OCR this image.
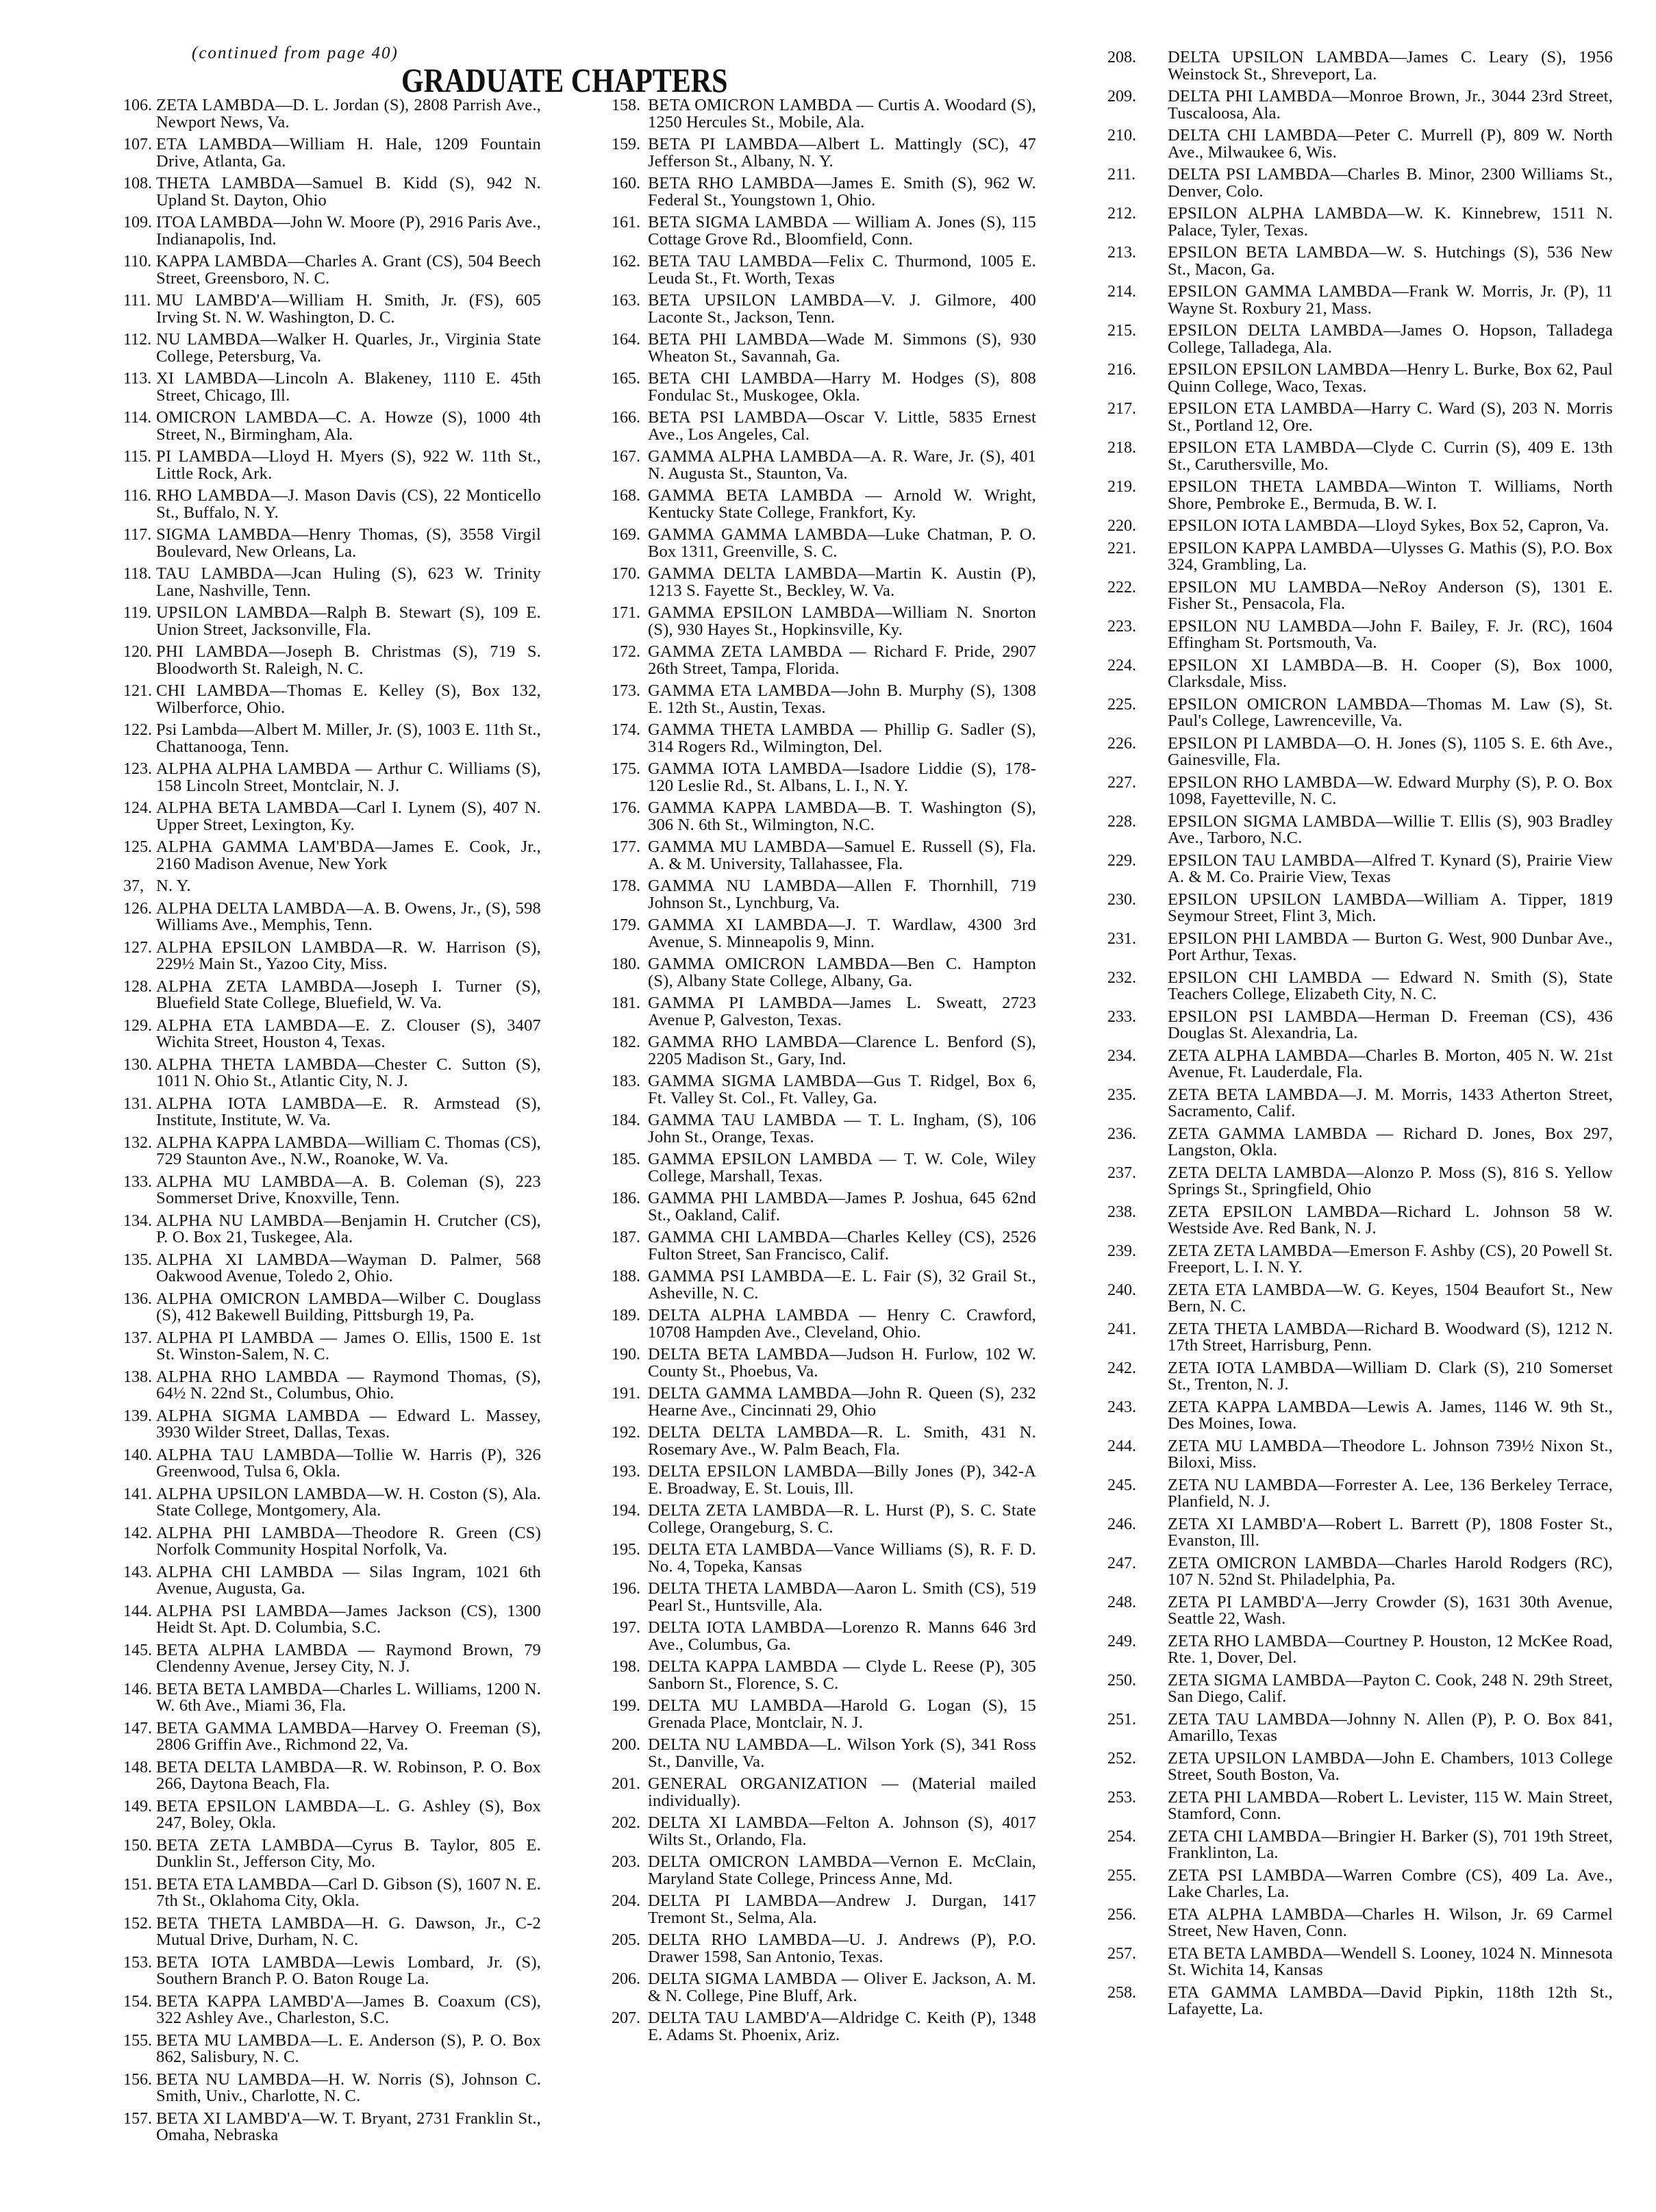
(continued from page 40)
GRADUATE CHAPTERS
106. ZETA LAMBDA—D. L. Jordan (S), 2808 Parrish Ave., Newport News, Va.
107. ETA LAMBDA—William H. Hale, 1209 Fountain Drive, Atlanta, Ga.
108. THETA LAMBDA—Samuel B. Kidd (S), 942 N. Upland St. Dayton, Ohio
109. ITOA LAMBDA—John W. Moore (P), 2916 Paris Ave., Indianapolis, Ind.
110. KAPPA LAMBDA—Charles A. Grant (CS), 504 Beech Street, Greensboro, N. C.
111. MU LAMBD'A—William H. Smith, Jr. (FS), 605 Irving St. N. W. Washington, D. C.
112. NU LAMBDA—Walker H. Quarles, Jr., Virginia State College, Petersburg, Va.
113. XI LAMBDA—Lincoln A. Blakeney, 1110 E. 45th Street, Chicago, Ill.
114. OMICRON LAMBDA—C. A. Howze (S), 1000 4th Street, N., Birmingham, Ala.
115. PI LAMBDA—Lloyd H. Myers (S), 922 W. 11th St., Little Rock, Ark.
116. RHO LAMBDA—J. Mason Davis (CS), 22 Monticello St., Buffalo, N. Y.
117. SIGMA LAMBDA—Henry Thomas, (S), 3558 Virgil Boulevard, New Orleans, La.
118. TAU LAMBDA—Jcan Huling (S), 623 W. Trinity Lane, Nashville, Tenn.
119. UPSILON LAMBDA—Ralph B. Stewart (S), 109 E. Union Street, Jacksonville, Fla.
120. PHI LAMBDA—Joseph B. Christmas (S), 719 S. Bloodworth St. Raleigh, N. C.
121. CHI LAMBDA—Thomas E. Kelley (S), Box 132, Wilberforce, Ohio.
122. Psi Lambda—Albert M. Miller, Jr. (S), 1003 E. 11th St., Chattanooga, Tenn.
123. ALPHA ALPHA LAMBDA — Arthur C. Williams (S), 158 Lincoln Street, Montclair, N. J.
124. ALPHA BETA LAMBDA—Carl I. Lynem (S), 407 N. Upper Street, Lexington, Ky.
125. ALPHA GAMMA LAM'BDA—James E. Cook, Jr., 2160 Madison Avenue, New York
37, N. Y.
126. ALPHA DELTA LAMBDA—A. B. Owens, Jr., (S), 598 Williams Ave., Memphis, Tenn.
127. ALPHA EPSILON LAMBDA—R. W. Harrison (S), 229½ Main St., Yazoo City, Miss.
128. ALPHA ZETA LAMBDA—Joseph I. Turner (S), Bluefield State College, Bluefield, W. Va.
129. ALPHA ETA LAMBDA—E. Z. Clouser (S), 3407 Wichita Street, Houston 4, Texas.
130. ALPHA THETA LAMBDA—Chester C. Sutton (S), 1011 N. Ohio St., Atlantic City, N. J.
131. ALPHA IOTA LAMBDA—E. R. Armstead (S), Institute, Institute, W. Va.
132. ALPHA KAPPA LAMBDA—William C. Thomas (CS), 729 Staunton Ave., N.W., Roanoke, W. Va.
133. ALPHA MU LAMBDA—A. B. Coleman (S), 223 Sommerset Drive, Knoxville, Tenn.
134. ALPHA NU LAMBDA—Benjamin H. Crutcher (CS), P. O. Box 21, Tuskegee, Ala.
135. ALPHA XI LAMBDA—Wayman D. Palmer, 568 Oakwood Avenue, Toledo 2, Ohio.
136. ALPHA OMICRON LAMBDA—Wilber C. Douglass (S), 412 Bakewell Building, Pittsburgh 19, Pa.
137. ALPHA PI LAMBDA — James O. Ellis, 1500 E. 1st St. Winston-Salem, N. C.
138. ALPHA RHO LAMBDA — Raymond Thomas, (S), 64½ N. 22nd St., Columbus, Ohio.
139. ALPHA SIGMA LAMBDA — Edward L. Massey, 3930 Wilder Street, Dallas, Texas.
140. ALPHA TAU LAMBDA—Tollie W. Harris (P), 326 Greenwood, Tulsa 6, Okla.
141. ALPHA UPSILON LAMBDA—W. H. Coston (S), Ala. State College, Montgomery, Ala.
142. ALPHA PHI LAMBDA—Theodore R. Green (CS) Norfolk Community Hospital Norfolk, Va.
143. ALPHA CHI LAMBDA — Silas Ingram, 1021 6th Avenue, Augusta, Ga.
144. ALPHA PSI LAMBDA—James Jackson (CS), 1300 Heidt St. Apt. D. Columbia, S.C.
145. BETA ALPHA LAMBDA — Raymond Brown, 79 Clendenny Avenue, Jersey City, N. J.
146. BETA BETA LAMBDA—Charles L. Williams, 1200 N. W. 6th Ave., Miami 36, Fla.
147. BETA GAMMA LAMBDA—Harvey O. Freeman (S), 2806 Griffin Ave., Richmond 22, Va.
148. BETA DELTA LAMBDA—R. W. Robinson, P. O. Box 266, Daytona Beach, Fla.
149. BETA EPSILON LAMBDA—L. G. Ashley (S), Box 247, Boley, Okla.
150. BETA ZETA LAMBDA—Cyrus B. Taylor, 805 E. Dunklin St., Jefferson City, Mo.
151. BETA ETA LAMBDA—Carl D. Gibson (S), 1607 N. E. 7th St., Oklahoma City, Okla.
152. BETA THETA LAMBDA—H. G. Dawson, Jr., C-2 Mutual Drive, Durham, N. C.
153. BETA IOTA LAMBDA—Lewis Lombard, Jr. (S), Southern Branch P. O. Baton Rouge La.
154. BETA KAPPA LAMBD'A—James B. Coaxum (CS), 322 Ashley Ave., Charleston, S.C.
155. BETA MU LAMBDA—L. E. Anderson (S), P. O. Box 862, Salisbury, N. C.
156. BETA NU LAMBDA—H. W. Norris (S), Johnson C. Smith, Univ., Charlotte, N. C.
157. BETA XI LAMBD'A—W. T. Bryant, 2731 Franklin St., Omaha, Nebraska
158. BETA OMICRON LAMBDA — Curtis A. Woodard (S), 1250 Hercules St., Mobile, Ala.
159. BETA PI LAMBDA—Albert L. Mattingly (SC), 47 Jefferson St., Albany, N. Y.
160. BETA RHO LAMBDA—James E. Smith (S), 962 W. Federal St., Youngstown 1, Ohio.
161. BETA SIGMA LAMBDA — William A. Jones (S), 115 Cottage Grove Rd., Bloomfield, Conn.
162. BETA TAU LAMBDA—Felix C. Thurmond, 1005 E. Leuda St., Ft. Worth, Texas
163. BETA UPSILON LAMBDA—V. J. Gilmore, 400 Laconte St., Jackson, Tenn.
164. BETA PHI LAMBDA—Wade M. Simmons (S), 930 Wheaton St., Savannah, Ga.
165. BETA CHI LAMBDA—Harry M. Hodges (S), 808 Fondulac St., Muskogee, Okla.
166. BETA PSI LAMBDA—Oscar V. Little, 5835 Ernest Ave., Los Angeles, Cal.
167. GAMMA ALPHA LAMBDA—A. R. Ware, Jr. (S), 401 N. Augusta St., Staunton, Va.
168. GAMMA BETA LAMBDA — Arnold W. Wright, Kentucky State College, Frankfort, Ky.
169. GAMMA GAMMA LAMBDA—Luke Chatman, P. O. Box 1311, Greenville, S. C.
170. GAMMA DELTA LAMBDA—Martin K. Austin (P), 1213 S. Fayette St., Beckley, W. Va.
171. GAMMA EPSILON LAMBDA—William N. Snorton (S), 930 Hayes St., Hopkinsville, Ky.
172. GAMMA ZETA LAMBDA — Richard F. Pride, 2907 26th Street, Tampa, Florida.
173. GAMMA ETA LAMBDA—John B. Murphy (S), 1308 E. 12th St., Austin, Texas.
174. GAMMA THETA LAMBDA — Phillip G. Sadler (S), 314 Rogers Rd., Wilmington, Del.
175. GAMMA IOTA LAMBDA—Isadore Liddie (S), 178-120 Leslie Rd., St. Albans, L. I., N. Y.
176. GAMMA KAPPA LAMBDA—B. T. Washington (S), 306 N. 6th St., Wilmington, N.C.
177. GAMMA MU LAMBDA—Samuel E. Russell (S), Fla. A. & M. University, Tallahassee, Fla.
178. GAMMA NU LAMBDA—Allen F. Thornhill, 719 Johnson St., Lynchburg, Va.
179. GAMMA XI LAMBDA—J. T. Wardlaw, 4300 3rd Avenue, S. Minneapolis 9, Minn.
180. GAMMA OMICRON LAMBDA—Ben C. Hampton (S), Albany State College, Albany, Ga.
181. GAMMA PI LAMBDA—James L. Sweatt, 2723 Avenue P, Galveston, Texas.
182. GAMMA RHO LAMBDA—Clarence L. Benford (S), 2205 Madison St., Gary, Ind.
183. GAMMA SIGMA LAMBDA—Gus T. Ridgel, Box 6, Ft. Valley St. Col., Ft. Valley, Ga.
184. GAMMA TAU LAMBDA — T. L. Ingham, (S), 106 John St., Orange, Texas.
185. GAMMA EPSILON LAMBDA — T. W. Cole, Wiley College, Marshall, Texas.
186. GAMMA PHI LAMBDA—James P. Joshua, 645 62nd St., Oakland, Calif.
187. GAMMA CHI LAMBDA—Charles Kelley (CS), 2526 Fulton Street, San Francisco, Calif.
188. GAMMA PSI LAMBDA—E. L. Fair (S), 32 Grail St., Asheville, N. C.
189. DELTA ALPHA LAMBDA — Henry C. Crawford, 10708 Hampden Ave., Cleveland, Ohio.
190. DELTA BETA LAMBDA—Judson H. Furlow, 102 W. County St., Phoebus, Va.
191. DELTA GAMMA LAMBDA—John R. Queen (S), 232 Hearne Ave., Cincinnati 29, Ohio
192. DELTA DELTA LAMBDA—R. L. Smith, 431 N. Rosemary Ave., W. Palm Beach, Fla.
193. DELTA EPSILON LAMBDA—Billy Jones (P), 342-A E. Broadway, E. St. Louis, Ill.
194. DELTA ZETA LAMBDA—R. L. Hurst (P), S. C. State College, Orangeburg, S. C.
195. DELTA ETA LAMBDA—Vance Williams (S), R. F. D. No. 4, Topeka, Kansas
196. DELTA THETA LAMBDA—Aaron L. Smith (CS), 519 Pearl St., Huntsville, Ala.
197. DELTA IOTA LAMBDA—Lorenzo R. Manns 646 3rd Ave., Columbus, Ga.
198. DELTA KAPPA LAMBDA — Clyde L. Reese (P), 305 Sanborn St., Florence, S. C.
199. DELTA MU LAMBDA—Harold G. Logan (S), 15 Grenada Place, Montclair, N. J.
200. DELTA NU LAMBDA—L. Wilson York (S), 341 Ross St., Danville, Va.
201. GENERAL ORGANIZATION — (Material mailed individually).
202. DELTA XI LAMBDA—Felton A. Johnson (S), 4017 Wilts St., Orlando, Fla.
203. DELTA OMICRON LAMBDA—Vernon E. McClain, Maryland State College, Princess Anne, Md.
204. DELTA PI LAMBDA—Andrew J. Durgan, 1417 Tremont St., Selma, Ala.
205. DELTA RHO LAMBDA—U. J. Andrews (P), P.O. Drawer 1598, San Antonio, Texas.
206. DELTA SIGMA LAMBDA — Oliver E. Jackson, A. M. & N. College, Pine Bluff, Ark.
207. DELTA TAU LAMBD'A—Aldridge C. Keith (P), 1348 E. Adams St. Phoenix, Ariz.
208. DELTA UPSILON LAMBDA—James C. Leary (S), 1956 Weinstock St., Shreveport, La.
209. DELTA PHI LAMBDA—Monroe Brown, Jr., 3044 23rd Street, Tuscaloosa, Ala.
210. DELTA CHI LAMBDA—Peter C. Murrell (P), 809 W. North Ave., Milwaukee 6, Wis.
211. DELTA PSI LAMBDA—Charles B. Minor, 2300 Williams St., Denver, Colo.
212. EPSILON ALPHA LAMBDA—W. K. Kinnebrew, 1511 N. Palace, Tyler, Texas.
213. EPSILON BETA LAMBDA—W. S. Hutchings (S), 536 New St., Macon, Ga.
214. EPSILON GAMMA LAMBDA—Frank W. Morris, Jr. (P), 11 Wayne St. Roxbury 21, Mass.
215. EPSILON DELTA LAMBDA—James O. Hopson, Talladega College, Talladega, Ala.
216. EPSILON EPSILON LAMBDA—Henry L. Burke, Box 62, Paul Quinn College, Waco, Texas.
217. EPSILON ETA LAMBDA—Harry C. Ward (S), 203 N. Morris St., Portland 12, Ore.
218. EPSILON ETA LAMBDA—Clyde C. Currin (S), 409 E. 13th St., Caruthersville, Mo.
219. EPSILON THETA LAMBDA—Winton T. Williams, North Shore, Pembroke E., Bermuda, B. W. I.
220. EPSILON IOTA LAMBDA—Lloyd Sykes, Box 52, Capron, Va.
221. EPSILON KAPPA LAMBDA—Ulysses G. Mathis (S), P.O. Box 324, Grambling, La.
222. EPSILON MU LAMBDA—NeRoy Anderson (S), 1301 E. Fisher St., Pensacola, Fla.
223. EPSILON NU LAMBDA—John F. Bailey, F. Jr. (RC), 1604 Effingham St. Portsmouth, Va.
224. EPSILON XI LAMBDA—B. H. Cooper (S), Box 1000, Clarksdale, Miss.
225. EPSILON OMICRON LAMBDA—Thomas M. Law (S), St. Paul's College, Lawrenceville, Va.
226. EPSILON PI LAMBDA—O. H. Jones (S), 1105 S. E. 6th Ave., Gainesville, Fla.
227. EPSILON RHO LAMBDA—W. Edward Murphy (S), P. O. Box 1098, Fayetteville, N. C.
228. EPSILON SIGMA LAMBDA—Willie T. Ellis (S), 903 Bradley Ave., Tarboro, N.C.
229. EPSILON TAU LAMBDA—Alfred T. Kynard (S), Prairie View A. & M. Co. Prairie View, Texas
230. EPSILON UPSILON LAMBDA—William A. Tipper, 1819 Seymour Street, Flint 3, Mich.
231. EPSILON PHI LAMBDA — Burton G. West, 900 Dunbar Ave., Port Arthur, Texas.
232. EPSILON CHI LAMBDA — Edward N. Smith (S), State Teachers College, Elizabeth City, N. C.
233. EPSILON PSI LAMBDA—Herman D. Freeman (CS), 436 Douglas St. Alexandria, La.
234. ZETA ALPHA LAMBDA—Charles B. Morton, 405 N. W. 21st Avenue, Ft. Lauderdale, Fla.
235. ZETA BETA LAMBDA—J. M. Morris, 1433 Atherton Street, Sacramento, Calif.
236. ZETA GAMMA LAMBDA — Richard D. Jones, Box 297, Langston, Okla.
237. ZETA DELTA LAMBDA—Alonzo P. Moss (S), 816 S. Yellow Springs St., Springfield, Ohio
238. ZETA EPSILON LAMBDA—Richard L. Johnson 58 W. Westside Ave. Red Bank, N. J.
239. ZETA ZETA LAMBDA—Emerson F. Ashby (CS), 20 Powell St. Freeport, L. I. N. Y.
240. ZETA ETA LAMBDA—W. G. Keyes, 1504 Beaufort St., New Bern, N. C.
241. ZETA THETA LAMBDA—Richard B. Woodward (S), 1212 N. 17th Street, Harrisburg, Penn.
242. ZETA IOTA LAMBDA—William D. Clark (S), 210 Somerset St., Trenton, N. J.
243. ZETA KAPPA LAMBDA—Lewis A. James, 1146 W. 9th St., Des Moines, Iowa.
244. ZETA MU LAMBDA—Theodore L. Johnson 739½ Nixon St., Biloxi, Miss.
245. ZETA NU LAMBDA—Forrester A. Lee, 136 Berkeley Terrace, Planfield, N. J.
246. ZETA XI LAMBD'A—Robert L. Barrett (P), 1808 Foster St., Evanston, Ill.
247. ZETA OMICRON LAMBDA—Charles Harold Rodgers (RC), 107 N. 52nd St. Philadelphia, Pa.
248. ZETA PI LAMBD'A—Jerry Crowder (S), 1631 30th Avenue, Seattle 22, Wash.
249. ZETA RHO LAMBDA—Courtney P. Houston, 12 McKee Road, Rte. 1, Dover, Del.
250. ZETA SIGMA LAMBDA—Payton C. Cook, 248 N. 29th Street, San Diego, Calif.
251. ZETA TAU LAMBDA—Johnny N. Allen (P), P. O. Box 841, Amarillo, Texas
252. ZETA UPSILON LAMBDA—John E. Chambers, 1013 College Street, South Boston, Va.
253. ZETA PHI LAMBDA—Robert L. Levister, 115 W. Main Street, Stamford, Conn.
254. ZETA CHI LAMBDA—Bringier H. Barker (S), 701 19th Street, Franklinton, La.
255. ZETA PSI LAMBDA—Warren Combre (CS), 409 La. Ave., Lake Charles, La.
256. ETA ALPHA LAMBDA—Charles H. Wilson, Jr. 69 Carmel Street, New Haven, Conn.
257. ETA BETA LAMBDA—Wendell S. Looney, 1024 N. Minnesota St. Wichita 14, Kansas
258. ETA GAMMA LAMBDA—David Pipkin, 118th 12th St., Lafayette, La.
